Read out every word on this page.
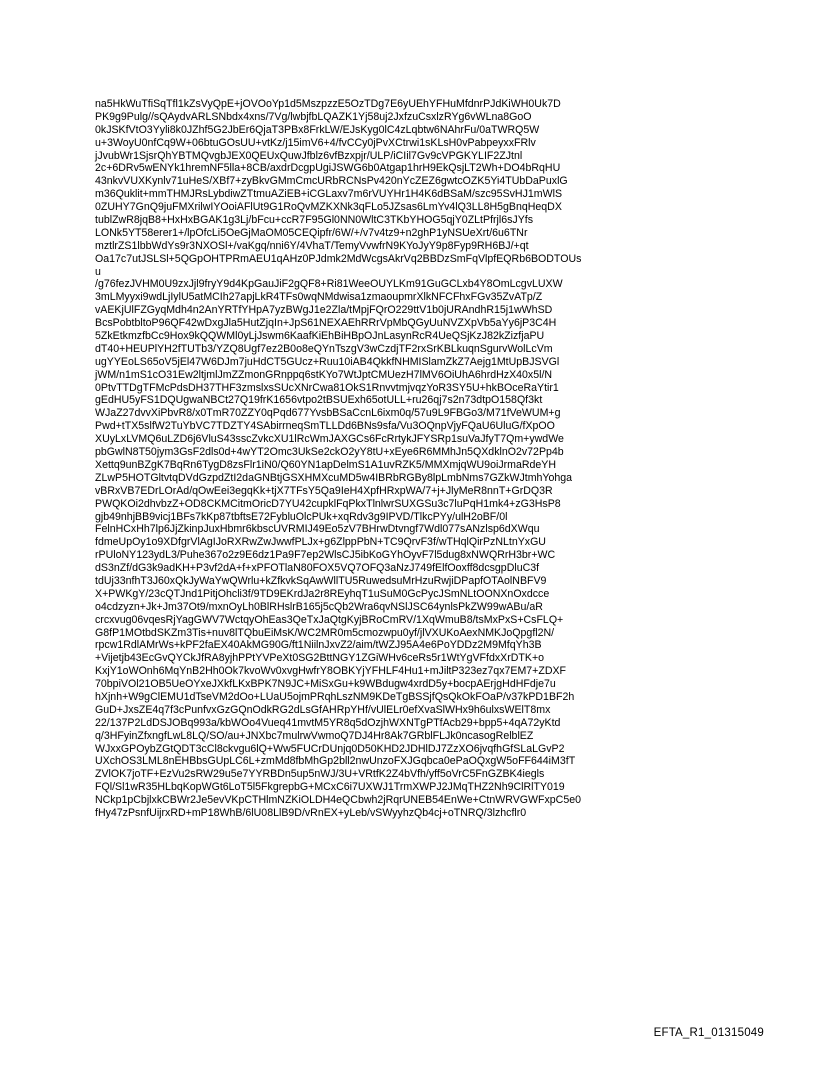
na5HkWuTfiSqTfl1kZsVyQpE+jOVOoYp1d5MszpzzE5OzTDg7E6yUEhYFHuMfdnrPJdKiWH0Uk7D
PK9g9Pulg//sQAydvARLSNbdx4xns/7Vg/lwbjfbLQAZK1Yj58uj2JxfzuCsxlzRYg6vWLna8GoO
0kJSKfVtO3Yyli8k0JZhf5G2JbEr6QjaT3PBx8FrkLW/EJsKyg0lC4zLqbtw6NAhrFu/0aTWRQ5W
u+3WoyU0nfCq9W+06btuGOsUU+vtKz/j15imV6+4/fvCCy0jPvXCtrwi1sKLsH0vPabpeyxxFRlv
jJvubWr1SjsrQhYBTMQvgbJEX0QEUxQuwJfblz6vfBzxpjr/ULP/iCIil7Gv9cVPGKYLIF2ZJtnl
2c+6DRv5wENYk1hremNF5lla+8CB/axdrDcgpUgiJSWG6b0Atgap1hrH9EkQsjLT2Wh+DO4bRqHU
43nkvVUXKynlv71uHeS/XBf7+zyBkvGMmCmcURbRCNsPv420nYcZEZ6gwtcOZK5Yi4TUbDaPuxlG
m36Quklit+mmTHMJRsLybdiwZTtmuAZiEB+iCGLaxv7m6rVUYHr1H4K6dBSaM/szc95SvHJ1mWlS
0ZUHY7GnQ9juFMXrilwIYOoiAFlUt9G1RoQvMZKXNk3qFLo5JZsas6LmYv4lQ3LL8H5gBnqHeqDX
tublZwR8jqB8+HxHxBGAK1g3Lj/bFcu+ccR7F95Gl0NN0WltC3TKbYHOG5qjY0ZLtPfrjl6sJYfs
LONk5YT58erer1+/lpOfcLi5OeGjMaOM05CEQipfr/6W/+/v7v4tz9+n2ghP1yNSUeXrt/6u6TNr
mztlrZS1lbbWdYs9r3NXOSl+/vaKgq/nni6Y/4VhaT/TemyVvwfrN9KYoJyY9p8Fyp9RH6BJ/+qt
Oa17c7utJSLSl+5QGpOHTPRmAEU1qAHz0PJdmk2MdWcgsAkrVq2BBDzSmFqVlpfEQRb6BODTOUs
u
/g76fezJVHM0U9zxJjl9fryY9d4KpGauJiF2gQF8+Ri81WeeOUYLKm91GuGCLxb4Y8OmLcgvLUXW
3mLMyyxi9wdLjIylU5atMCIh27apjLkR4TFs0wqNMdwisa1zmaoupmrXlkNFCFhxFGv35ZvATp/Z
vAEKjUlFZGyqMdh4n2AnYRTfYHpA7yzBWgJ1e2Zla/tMpjFQrO229ttV1b0jURAndhR15j1wWhSD
BcsPobtbltoP96QF42wDxgJla5HutZjqIn+JpS61NEXAEhRRrVpMbQGyUuNVZXpVb5aYy6jP3C4H
5ZkEtkmzfbCc9Hox9kQQWMl0yLjJswm6KaafKiEhBiHBpOJnLasynRcR4UeQSjKzJ82kZizfjaPU
dT40+HEUPlYH2fTUTb3/YZQ8Ugf7ez2B0o8eQYnTszgV3wCzdjTF2rxSrKBLkuqnSgurvWolLcVm
ugYYEoLS65oV5jEl47W6DJm7juHdCT5GUcz+Ruu10iAB4QkkfNHMISlamZkZ7Aejg1MtUpBJSVGl
jWM/n1mS1cO31Ew2ltjmlJmZZmonGRnppq6stKYo7WtJptCMUezH7lMV6OiUhA6hrdHzX40x5l/N
0PtvTTDgTFMcPdsDH37THF3zmslxsSUcXNrCwa81OkS1RnvvtmjvqzYoR3SY5U+hkBOceRaYtir1
gEdHU5yFS1DQUgwaNBCt27Q19frK1656vtpo2tBSUExh65otULL+ru26qj7s2n73dtpO158Qf3kt
WJaZ27dvvXiPbvR8/x0TmR70ZZY0qPqd677YvsbBSaCcnL6ixm0q/57u9L9FBGo3/M71fVeWUM+g
Pwd+tTX5slfW2TuYbVC7TDZTY4SAbirrneqSmTLLDd6BNs9sfa/Vu3OQnpVjyFQaU6UluG/fXpOO
XUyLxLVMQ6uLZD6j6VluS43sscZvkcXU1lRcWmJAXGCs6FcRrtykJFYSRp1suVaJfyT7Qm+ywdWe
pbGwlN8T50jym3GsF2dls0d+4wYT2Omc3UkSe2ckO2yY8tU+xEye6R6MMhJn5QXdklnO2v72Pp4b
Xettq9unBZgK7BqRn6TygD8zsFlr1iN0/Q60YN1apDelmS1A1uvRZK5/MMXmjqWU9oiJrmaRdeYH
ZLwP5HOTGltvtqDVdGzpdZtI2daGNBtjGSXHMXcuMD5w4IBRbRGBy8lpLmbNms7GZkWJtmhYohga
vBRxVB7EDrLOrAd/qOwEei3egqKk+tjX7TFsY5Qa9IeH4XpfHRxpWA/7+j+JlyMeR8nnT+GrDQ3R
PWQKOi2dhvbzZ+OD8CKMCitmOricD7YU42cupklFqPkxTlnlwrSUXGSu3c7luPqH1mk4+zG3HsP8
gjb49nhjBB9vicj1BFs7kKp87tbftsE72FybluOlcPUk+xqRdv3g9IPVD/TlkcPYy/ulH2oBF/0l
FelnHCxHh7lp6JjZkinpJuxHbmr6kbscUVRMIJ49Eo5zV7BHrwDtvngf7Wdl077sANzlsp6dXWqu
fdmeUpOy1o9XDfgrVlAgIJoRXRwZwJwwfPLJx+g6ZlppPbN+TC9QrvF3f/wTHqlQirPzNLtnYxGU
rPUloNY123ydL3/Puhe367o2z9E6dz1Pa9F7ep2WlsCJ5ibKoGYhOyvF7l5dug8xNWQRrH3br+WC
dS3nZf/dG3k9adKH+P3vf2dA+f+xPFOTlaN80FOX5VQ7OFQ3aNzJ749fElfOoxff8dcsgpDluC3f
tdUj33nfhT3J60xQkJyWaYwQWrlu+kZfkvkSqAwWllTU5RuwedsuMrHzuRwjiDPapfOTAolNBFV9
X+PWKgY/23cQTJnd1PitjOhcli3f/9TD9EKrdJa2r8REyhqT1uSuM0GcPycJSmNLtOONXnOxdcce
o4cdzyzn+Jk+Jm37Ot9/mxnOyLh0BlRHslrB165j5cQb2Wra6qvNSlJSC64ynlsPkZW99wABu/aR
crcxvug06vqesRjYagGWV7WctqyOhEas3QeTxJaQtgKyjBRoCmRV/1XqWmuB8/tsMxPxS+CsFLQ+
G8fP1MOtbdSKZm3Tis+nuv8lTQbuEiMsK/WC2MR0m5cmozwpu0yf/jlVXUKoAexNMKJoQpgfl2N/
rpcw1RdlAMrWs+kPF2faEX40AkMG90G/ft1NiilnJxvZ2/aim/tWZJ95A4e6PoYDDz2M9MfqYh3B
+Vijetjb43EcGvQYCkJfRA8yjhPPtYVPeXt0SG2BttNGY1ZGiWHv6ceRs5r1WtYgVFfdxXrDTK+o
KxjY1oWOnh6MqYnB2Hh0Ok7kvoWv0xvgHwfrY8OBKYjYFHLF4Hu1+mJiltP323ez7qx7EM7+ZDXF
70bpiVOl21OB5UeOYxeJXkfLKxBPK7N9JC+MiSxGu+k9WBdugw4xrdD5y+bocpAErjgHdHFdje7u
hXjnh+W9gClEMU1dTseVM2dOo+LUaU5ojmPRqhLszNM9KDeTgBSSjfQsQkOkFOaP/v37kPD1BF2h
GuD+JxsZE4q7f3cPunfvxGzGQnOdkRG2dLsGfAHRpYHf/vUlELr0efXvaSlWHx9h6ulxsWElT8mx
22/137P2LdDSJOBq993a/kbWOo4Vueq41mvtM5YR8q5dOzjhWXNTgPTfAcb29+bpp5+4qA72yKtd
q/3HFyinZfxngfLwL8LQ/SO/au+JNXbc7mulrwVwmoQ7DJ4Hr8Ak7GRblFLJk0ncasogRelblEZ
WJxxGPOybZGtQDT3cCl8ckvgu6lQ+Ww5FUCrDUnjq0D50KHD2JDHlDJ7ZzXO6jvqfhGfSLaLGvP2
UXchOS3LML8nEHBbsGUpLC6L+zmMd8fbMhGp2bll2nwUnzoFXJGqbca0ePaOQxgW5oFF644iM3fT
ZVlOK7joTF+EzVu2sRW29u5e7YYRBDn5up5nWJ/3U+VRtfK2Z4bVfh/yff5oVrC5FnGZBK4iegls
FQl/Sl1wR35HLbqKopWGt6LoT5l5FkgrepbG+MCxC6i7UXWJ1TrmXWPJ2JMqTHZ2Nh9ClRlTY019
NCkp1pCbjlxkCBWr2Je5evVKpCTHlmNZKiOLDH4eQCbwh2jRqrUNEB54EnWe+CtnWRVGWFxpC5e0
fHy47zPsnfUijrxRD+mP18WhB/6lU08LlB9D/vRnEX+yLeb/vSWyyhzQb4cj+oTNRQ/3lzhcflr0
EFTA_R1_01315049
